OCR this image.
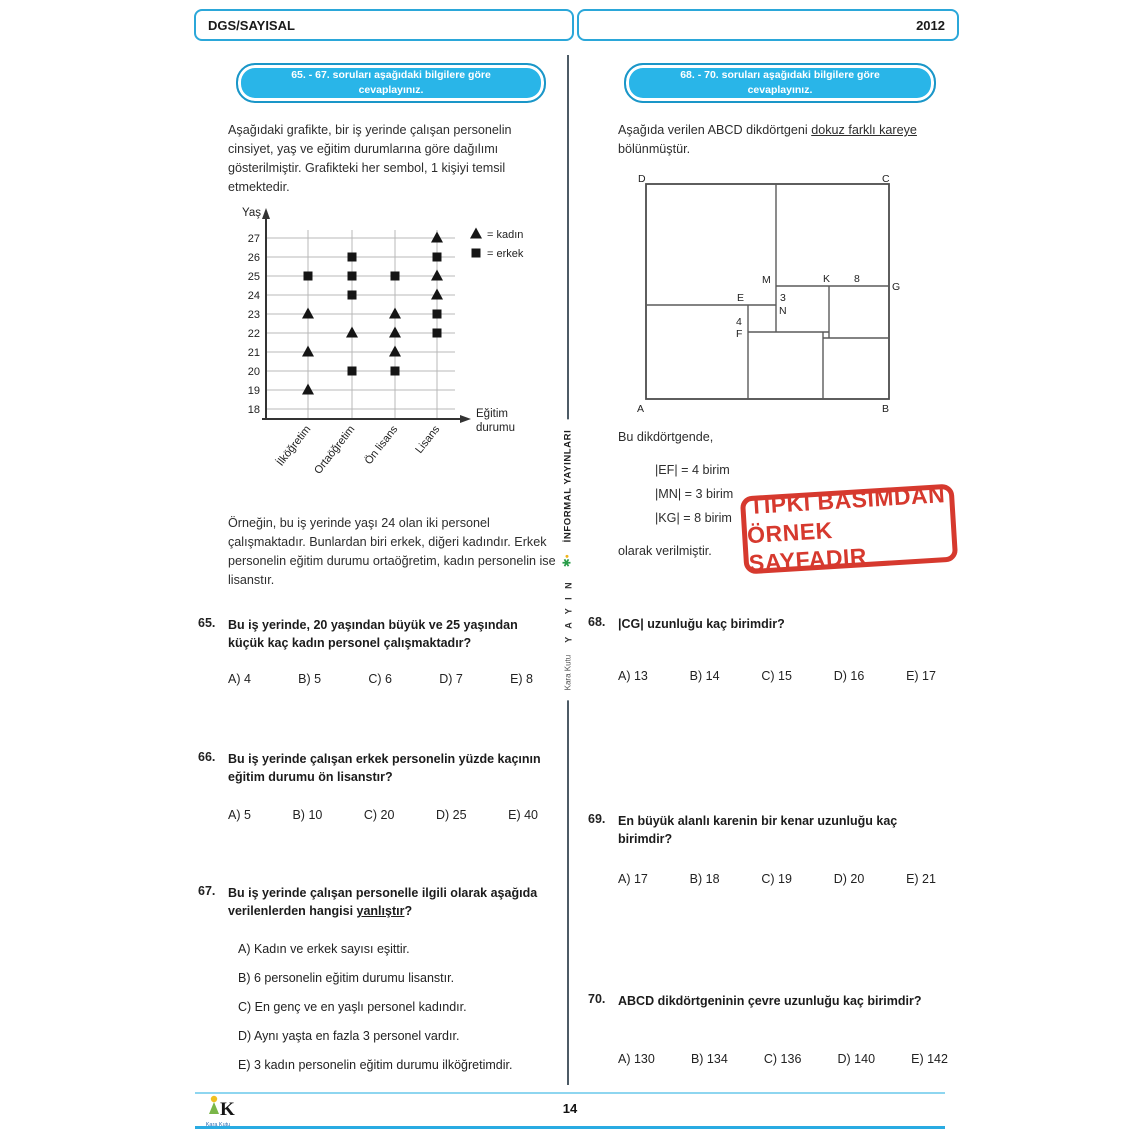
DGS/SAYISAL	2012
Kara Kutu
Y A Y I N
✱•
İNFORMAL YAYINLARI
65. - 67. soruları aşağıdaki bilgilere göre cevaplayınız.
68. - 70. soruları aşağıdaki bilgilere göre cevaplayınız.
Aşağıdaki grafikte, bir iş yerinde çalışan personelin cinsiyet, yaş ve eğitim durumlarına göre dağılımı gösterilmiştir. Grafikteki her sembol, 1 kişiyi temsil etmektedir.
27
26
25
24
23
22
21
20
19
18
Yaş
Eğitim
durumu
İlköğretim
Ortaöğretim Ön lisans Lisans
= kadın
= erkek
Örneğin, bu iş yerinde yaşı 24 olan iki personel çalışmaktadır. Bunlardan biri erkek, diğeri kadındır. Erkek personelin eğitim durumu ortaöğretim, kadın personelin ise lisanstır.
65. Bu iş yerinde, 20 yaşından büyük ve 25 yaşından küçük kaç kadın personel çalışmaktadır?
A) 4	B) 5	C) 6	D) 7	E) 8
66. Bu iş yerinde çalışan erkek personelin yüzde kaçının eğitim durumu ön lisanstır?
A) 5	B) 10	C) 20	D) 25	E) 40
67. Bu iş yerinde çalışan personelle ilgili olarak aşağıda verilenlerden hangisi yanlıştır?
A) Kadın ve erkek sayısı eşittir.
B) 6 personelin eğitim durumu lisanstır.
C) En genç ve en yaşlı personel kadındır.
D) Aynı yaşta en fazla 3 personel vardır.
E) 3 kadın personelin eğitim durumu ilköğretimdir.
Aşağıda verilen ABCD dikdörtgeni dokuz farklı kareye bölünmüştür.
D	C
A	B
G
M	K 8
E	3
N
4
F
Bu dikdörtgende,
|EF| = 4 birim
|MN| = 3 birim
|KG| = 8 birim
olarak verilmiştir.
TIPKI BASIMDAN
ÖRNEK SAYFADIR
68. |CG| uzunluğu kaç birimdir?
A) 13	B) 14	C) 15	D) 16	E) 17
69. En büyük alanlı karenin bir kenar uzunluğu kaç birimdir?
A) 17	B) 18	C) 19	D) 20	E) 21
70. ABCD dikdörtgeninin çevre uzunluğu kaç birimdir?
A) 130	B) 134	C) 136	D) 140	E) 142
14
K
Kara Kutu
